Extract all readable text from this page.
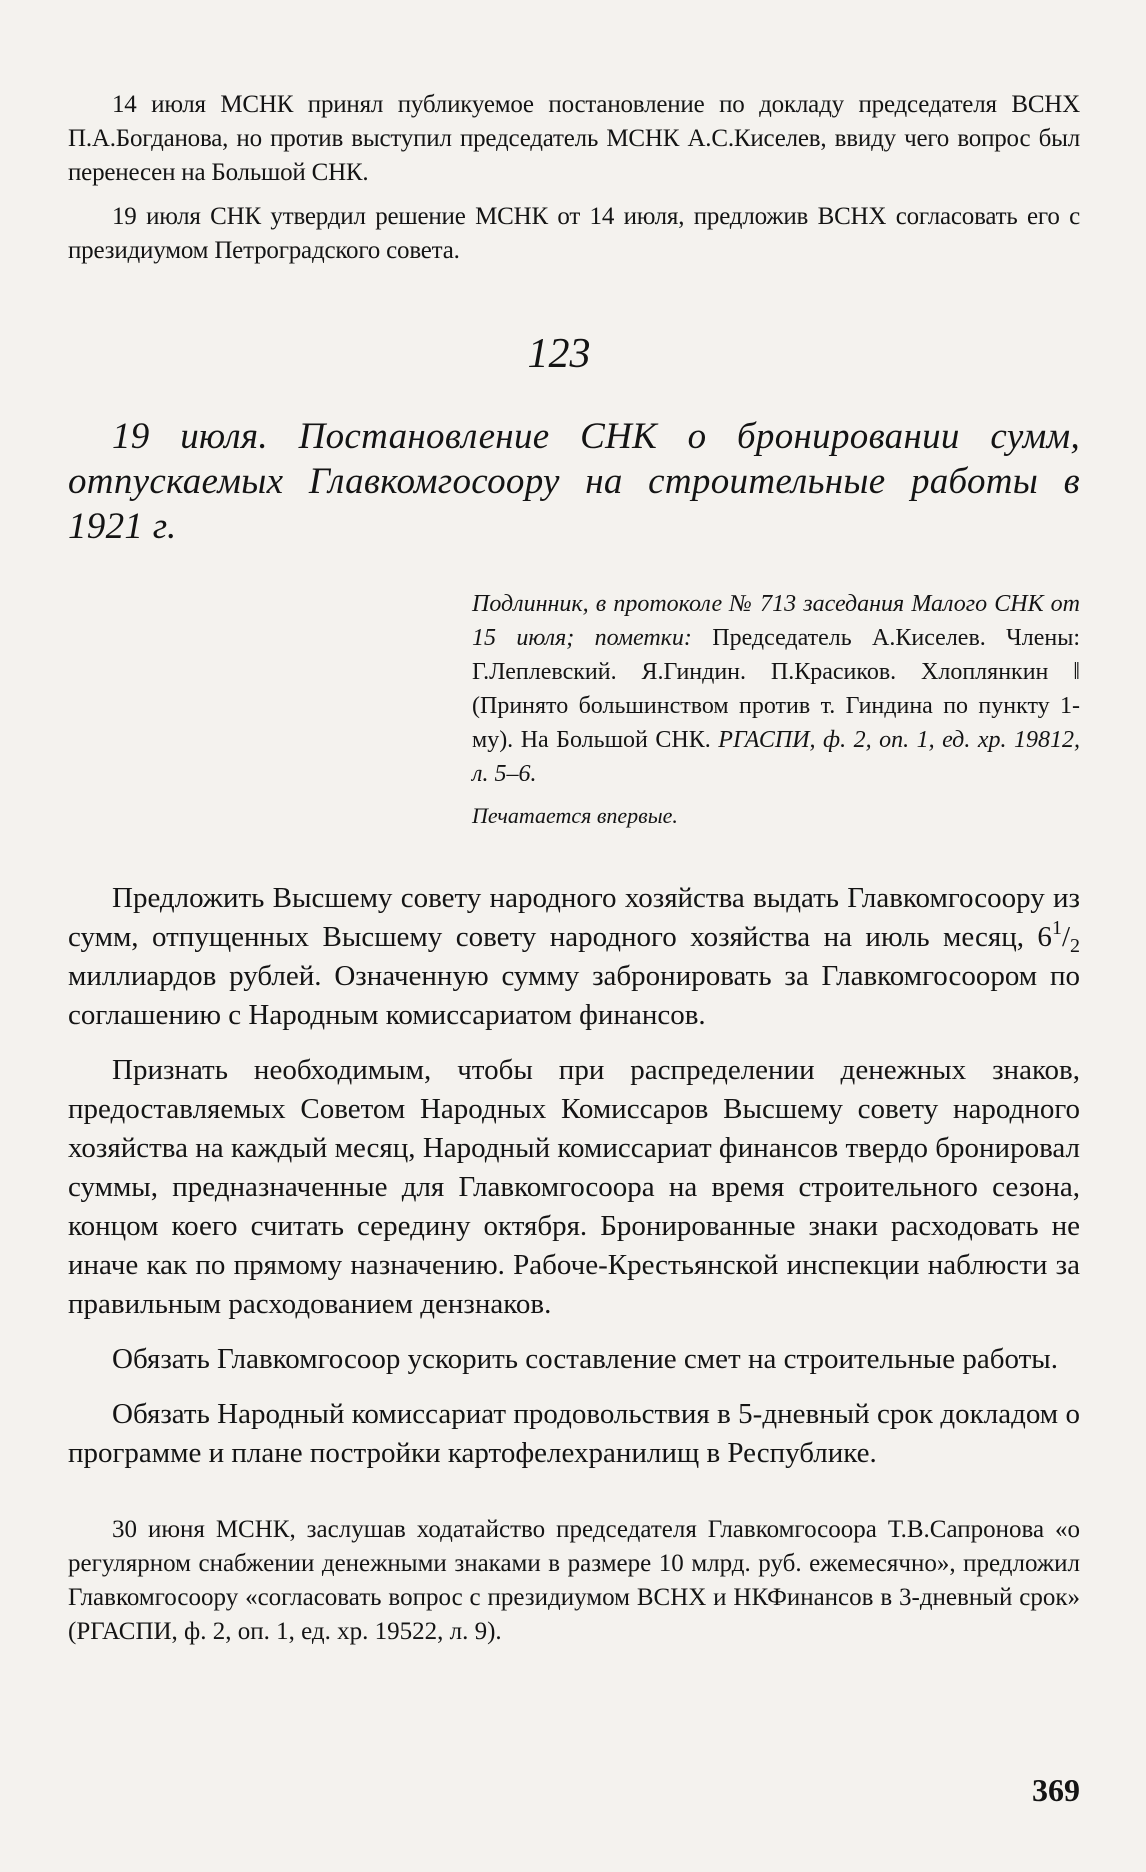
14 июля МСНК принял публикуемое постановление по докладу председателя ВСНХ П.А.Богданова, но против выступил председатель МСНК А.С.Киселев, ввиду чего вопрос был перенесен на Большой СНК.

19 июля СНК утвердил решение МСНК от 14 июля, предложив ВСНХ согласовать его с президиумом Петроградского совета.

123
19 июля. Постановление СНК о бронировании сумм, отпускаемых Главкомгосоору на строительные работы в 1921 г.
Подлинник, в протоколе № 713 заседания Малого СНК от 15 июля; пометки: Председатель А.Киселев. Члены: Г.Леплевский. Я.Гиндин. П.Красиков. Хлоплянкин ‖ (Принято большинством против т. Гиндина по пункту 1-му). На Большой СНК. РГАСПИ, ф. 2, оп. 1, ед. хр. 19812, л. 5–6.
Печатается впервые.

Предложить Высшему совету народного хозяйства выдать Главкомгосоору из сумм, отпущенных Высшему совету народного хозяйства на июль месяц, $6^1/_2$ миллиардов рублей. Означенную сумму забронировать за Главкомгосоором по соглашению с Народным комиссариатом финансов.

Признать необходимым, чтобы при распределении денежных знаков, предоставляемых Советом Народных Комиссаров Высшему совету народного хозяйства на каждый месяц, Народный комиссариат финансов твердо бронировал суммы, предназначенные для Главкомгосоора на время строительного сезона, концом коего считать середину октября. Бронированные знаки расходовать не иначе как по прямому назначению. Рабоче-Крестьянской инспекции наблюсти за правильным расходованием дензнаков.

Обязать Главкомгосоор ускорить составление смет на строительные работы.

Обязать Народный комиссариат продовольствия в 5-дневный срок докладом о программе и плане постройки картофелехранилищ в Республике.

30 июня МСНК, заслушав ходатайство председателя Главкомгосоора Т.В.Сапронова «о регулярном снабжении денежными знаками в размере 10 млрд. руб. ежемесячно», предложил Главкомгосоору «согласовать вопрос с президиумом ВСНХ и НКФинансов в 3-дневный срок» (РГАСПИ, ф. 2, оп. 1, ед. хр. 19522, л. 9).

369
